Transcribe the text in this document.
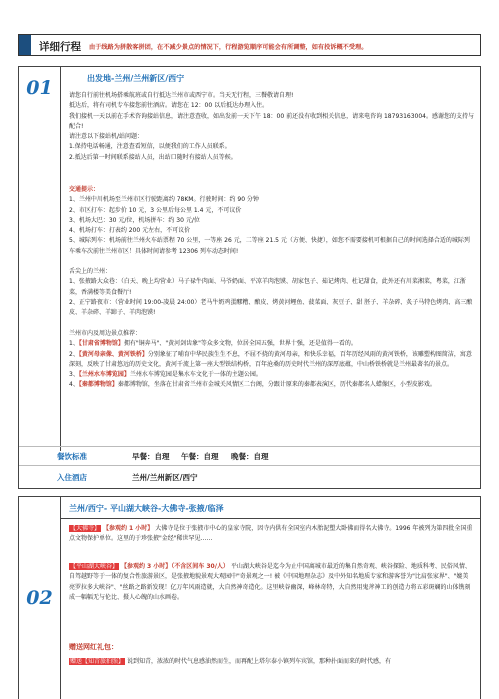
详细行程	由于线路为拼散客拼团，在不减少景点的情况下，行程游览顺序可能会有所调整，如有投诉概不受理。
01	出发地-兰州/兰州新区/西宁
请您自行前往机场搭乘航班或自行抵达兰州市或西宁市。当天无行程，三餐敬请自理!
抵达后，将有司机专车接您前往酒店。请您在 12：00 以后抵达办理入住。
我们接机一天以前在手术咨询接站信息，请注意查收，如出发前一天下午 18：00 前还没有收到相关信息，请来电咨询 18793163004。感谢您的支持与配合!
请注意以下接站机/站问题：
1.保持电话畅通，注意查看短信，以便我们的工作人员联系。
2.抵达后第一时间联系接站人员，出站口随时有接站人员等候。
交通提示：
1、兰州中川机场至兰州市区行驶距离约 78KM。行驶时间：约 90 分钟
2、市区打车：起步价 10 元，3 公里后每公里 1.4 元，不可议价
3、机场大巴：30 元/位，机场拼车：约 30 元/位
4、机场打车：打表约 200 元左右，不可议价
5、城际列车：机场前往兰州火车站票程 70 公里，一等座 26 元，二等座 21.5 元（方便、快捷），如您不需要接机可根据自己的时间选择合适的城际列车乘车次前往兰州市区！具体时间请参考 12306 列车动态时间!
舌尖上的兰州：
1、张掖路大众巷：（白天、晚上均营业）马子禄牛肉面、马爷奶面、平凉羊肉泡馍、胡家包子、茹记烤肉、杜记甜食，此外还有川菜湘菜，粤菜，江浙菜，香满楼等美食餐厅!
2、正宁路夜市：（营业时间 19:00-凌晨 24:00）老马牛奶鸡蛋醪糟、酿皮、烤黄河鲤鱼、菠菜面、灰豆子、甜 胚子、羊杂碎、炙子马特色烤肉、高三酿皮、羊杂碎、羊蹄子、羊肉泡馍!
兰州市内及周边景点推荐：
1、【甘肃省博物馆】拥有"铜奔马"、"黄河剑齿象"等众多文物，位居全国五强，世界十强，还是值得一看的。
2、【黄河母亲像、黄河铁桥】分别象征了哺育中华民族生生不息，不屈不挠的黄河母亲，和快乐幸福，百年历经风雨的黄河铁桥，该雕塑构图简洁，寓意深刻，反映了甘肃悠远的历史文化，黄河千流上第一座大型铁结构桥，百年沧桑的历史时代兰州的深厚底蕴，中山桥铁桥就是兰州最著名的景点。
3、【兰州水车博览园】兰州水车博览园是集水车文化于一体的主题公园。
4、【秦都博物馆】秦都博物馆，坐落在甘肃省兰州市金城关风情区二台阁，分跟计原来的秦都表演区，历代秦都名人蜡像区，小型皮影戏。
餐饮标准	早餐：自理 午餐：自理 晚餐：自理
入住酒店	兰州/兰州新区/西宁
02
兰州/西宁- 平山湖大峡谷-大佛寺-张掖/临泽
【大佛寺】 【参观约 1 小时】 大佛寺是位于张掖市中心的皇家寺院，因寺内供有全国室内木胎泥塑大卧佛而得名大佛寺。1996 年被列为第四批全国重点文物保护单位。这里的于珍张掖"金经"稀世罕见……
【平山湖大峡谷】 【参观约 3 小时】（不含区间车 30/人） 平山湖大峡谷是迄今为止中国离城市最近的集自然奇观、峡谷探险、地质科考、民俗风情、自驾越野等于一体的复合性旅游景区，是张掖地貌景观大观园中"奇景观之一! 被《中国地理杂志》及中外知名地质专家和游客誉为"比肩张家界"、"媲美亮罗拉多大峡谷"、"丝路之路新发现！亿万年风雨造就，大自然神奇造化。这里峡谷幽深，峰林奇特，大自然用鬼斧神工的创造力将五彩斑斓的山体镌刻成一幅幅无与伦比、摄人心魄的山水画卷。
赠送网红礼包：
赠送【知青旅拍照】 说到知青，浓浓的时代气息感油然而生，而再配上塔尔泰小镇列车宾馆，那种扑面而来的时代感，有
